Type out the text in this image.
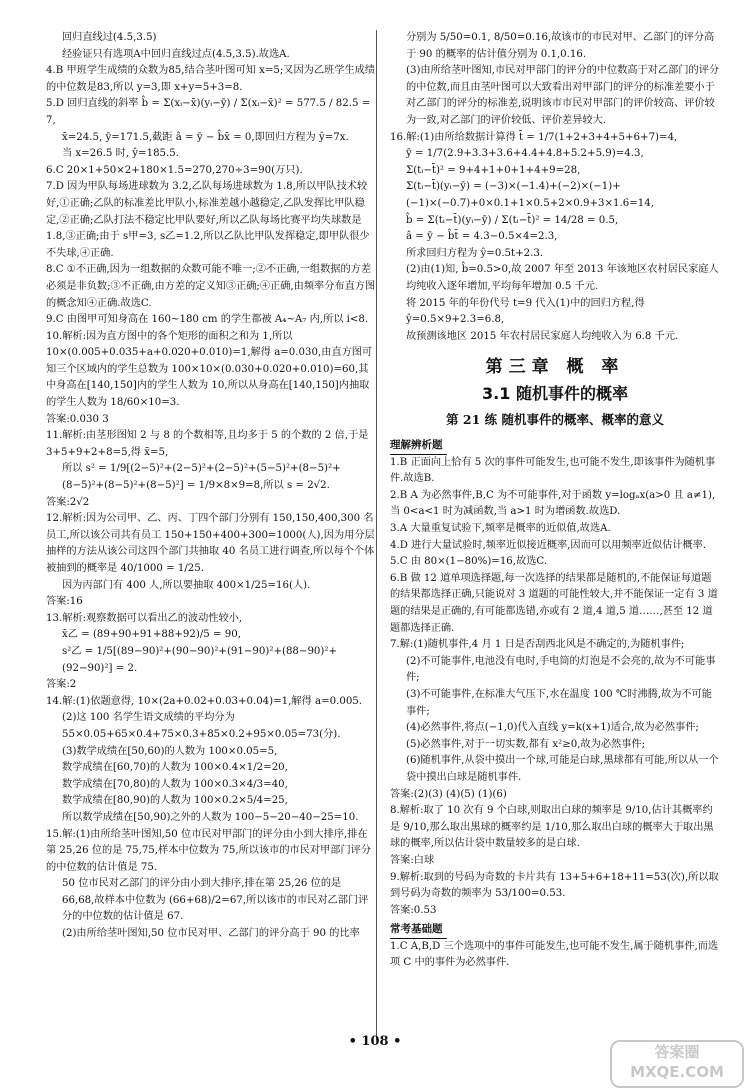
回归直线过(4.5,3.5)

经验证只有选项A中回归直线过点(4.5,3.5).故选A.

4.B 甲班学生成绩的众数为85,结合茎叶图可知 x=5;又因为乙班学生成绩的中位数是83,所以 y=3,即 x+y=5+3=8.

5.D 回归直线的斜率 b̂ = Σ(xᵢ−x̄)(yᵢ−ȳ) / Σ(xᵢ−x̄)² = 577.5 / 82.5 = 7,

x̄=24.5, ȳ=171.5,截距 â = ȳ − b̂x̄ = 0,即回归方程为 ŷ=7x.

当 x=26.5 时, ŷ=185.5.

6.C 20×1+50×2+180×1.5=270,270÷3=90(万只).

7.D 因为甲队每场进球数为 3.2,乙队每场进球数为 1.8,所以甲队技术较好,①正确;乙队的标准差比甲队小,标准差越小越稳定,乙队发挥比甲队稳定,②正确;乙队打法不稳定比甲队要好,所以乙队每场比赛平均失球数是 1.8,③正确;由于 s甲=3, s乙=1.2,所以乙队比甲队发挥稳定,即甲队很少不失球,④正确.

8.C ①不正确,因为一组数据的众数可能不唯一;②不正确,一组数据的方差必须是非负数;③不正确,由方差的定义知③正确;④正确,由频率分布直方图的概念知④正确.故选C.

9.C 由图甲可知身高在 160~180 cm 的学生都被 A₄~A₇ 内,所以 i<8.

10.解析:因为直方图中的各个矩形的面积之和为 1,所以 10×(0.005+0.035+a+0.020+0.010)=1,解得 a=0.030,由直方图可知三个区域内的学生总数为 100×10×(0.030+0.020+0.010)=60,其中身高在[140,150]内的学生人数为 10,所以从身高在[140,150]内抽取的学生人数为 18/60×10=3.

答案:0.030 3

11.解析:由茎形图知 2 与 8 的个数相等,且均多于 5 的个数的 2 倍,于是 3+5+9+2+8=5,得 x̄=5,

所以 s² = 1/9[(2−5)²+(2−5)²+(2−5)²+(5−5)²+(8−5)²+(8−5)²+(8−5)²+(8−5)²] = 1/9×8×9=8,所以 s = 2√2.

答案:2√2

12.解析:因为公司甲、乙、丙、丁四个部门分别有 150,150,400,300 名员工,所以该公司共有员工 150+150+400+300=1000(人),因为用分层抽样的方法从该公司这四个部门共抽取 40 名员工进行调查,所以每个个体被抽到的概率是 40/1000 = 1/25.

因为丙部门有 400 人,所以要抽取 400×1/25=16(人).

答案:16

13.解析:观察数据可以看出乙的波动性较小,

x̄乙 = (89+90+91+88+92)/5 = 90,

s²乙 = 1/5[(89−90)²+(90−90)²+(91−90)²+(88−90)²+(92−90)²] = 2.

答案:2

14.解:(1)依题意得, 10×(2a+0.02+0.03+0.04)=1,解得 a=0.005.

(2)这 100 名学生语文成绩的平均分为 55×0.05+65×0.4+75×0.3+85×0.2+95×0.05=73(分).

(3)数学成绩在[50,60)的人数为 100×0.05=5,

数学成绩在[60,70)的人数为 100×0.4×1/2=20,

数学成绩在[70,80)的人数为 100×0.3×4/3=40,

数学成绩在[80,90)的人数为 100×0.2×5/4=25,

所以数学成绩在[50,90)之外的人数为 100−5−20−40−25=10.

15.解:(1)由所给茎叶图知,50 位市民对甲部门的评分由小到大排序,排在第 25,26 位的是 75,75,样本中位数为 75,所以该市的市民对甲部门评分的中位数的估计值是 75.

50 位市民对乙部门的评分由小到大排序,排在第 25,26 位的是 66,68,故样本中位数为 (66+68)/2=67,所以该市的市民对乙部门评分的中位数的估计值是 67.

(2)由所给茎叶图知,50 位市民对甲、乙部门的评分高于 90 的比率

分别为 5/50=0.1, 8/50=0.16,故该市的市民对甲、乙部门的评分高于 90 的概率的估计值分别为 0.1,0.16.

(3)由所给茎叶图知,市民对甲部门的评分的中位数高于对乙部门的评分的中位数,而且由茎叶图可以大致看出对甲部门的评分的标准差要小于对乙部门的评分的标准差,说明该市市民对甲部门的评价较高、评价较为一致,对乙部门的评价较低、评价差异较大.

16.解:(1)由所给数据计算得 t̄ = 1/7(1+2+3+4+5+6+7)=4,

ȳ = 1/7(2.9+3.3+3.6+4.4+4.8+5.2+5.9)=4.3,

Σ(tᵢ−t̄)² = 9+4+1+0+1+4+9=28,

Σ(tᵢ−t̄)(yᵢ−ȳ) = (−3)×(−1.4)+(−2)×(−1)+(−1)×(−0.7)+0×0.1+1×0.5+2×0.9+3×1.6=14,

b̂ = Σ(tᵢ−t̄)(yᵢ−ȳ) / Σ(tᵢ−t̄)² = 14/28 = 0.5,

â = ȳ − b̂t̄ = 4.3−0.5×4=2.3,

所求回归方程为 ŷ=0.5t+2.3.

(2)由(1)知, b̂=0.5>0,故 2007 年至 2013 年该地区农村居民家庭人均纯收入逐年增加,平均每年增加 0.5 千元.

将 2015 年的年份代号 t=9 代入(1)中的回归方程,得

ŷ=0.5×9+2.3=6.8,

故预测该地区 2015 年农村居民家庭人均纯收入为 6.8 千元.

第三章 概 率
3.1 随机事件的概率
第 21 练 随机事件的概率、概率的意义
理解辨析题

1.B 正面向上恰有 5 次的事件可能发生,也可能不发生,即该事件为随机事件.故选B.

2.B A 为必然事件,B,C 为不可能事件,对于函数 y=logₐx(a>0 且 a≠1),当 0<a<1 时为减函数,当 a>1 时为增函数.故选D.

3.A 大量重复试验下,频率是概率的近似值,故选A.

4.D 进行大量试验时,频率近似接近概率,因而可以用频率近似估计概率.

5.C 由 80×(1−80%)=16,故选C.

6.B 做 12 道单项选择题,每一次选择的结果都是随机的,不能保证每道题的结果都选择正确,只能说对 3 道题的可能性较大,并不能保证一定有 3 道题的结果是正确的,有可能都选错,亦或有 2 道,4 道,5 道……,甚至 12 道题都选择正确.

7.解:(1)随机事件,4 月 1 日是否刮西北风是不确定的,为随机事件;

(2)不可能事件,电池没有电时,手电筒的灯泡是不会亮的,故为不可能事件;

(3)不可能事件,在标准大气压下,水在温度 100 ℃时沸腾,故为不可能事件;

(4)必然事件,将点(−1,0)代入直线 y=k(x+1)适合,故为必然事件;

(5)必然事件,对于一切实数,都有 x²≥0,故为必然事件;

(6)随机事件,从袋中摸出一个球,可能是白球,黑球都有可能,所以从一个袋中摸出白球是随机事件.

答案:(2)(3) (4)(5) (1)(6)

8.解析:取了 10 次有 9 个白球,则取出白球的频率是 9/10,估计其概率约是 9/10,那么取出黑球的概率约是 1/10,那么取出白球的概率大于取出黑球的概率,所以估计袋中数量较多的是白球.

答案:白球

9.解析:取到的号码为奇数的卡片共有 13+5+6+18+11=53(次),所以取到号码为奇数的频率为 53/100=0.53.

答案:0.53

常考基础题

1.C A,B,D 三个选项中的事件可能发生,也可能不发生,属于随机事件,而选项 C 中的事件为必然事件.

• 108 •
答案圈
MXQE.COM
